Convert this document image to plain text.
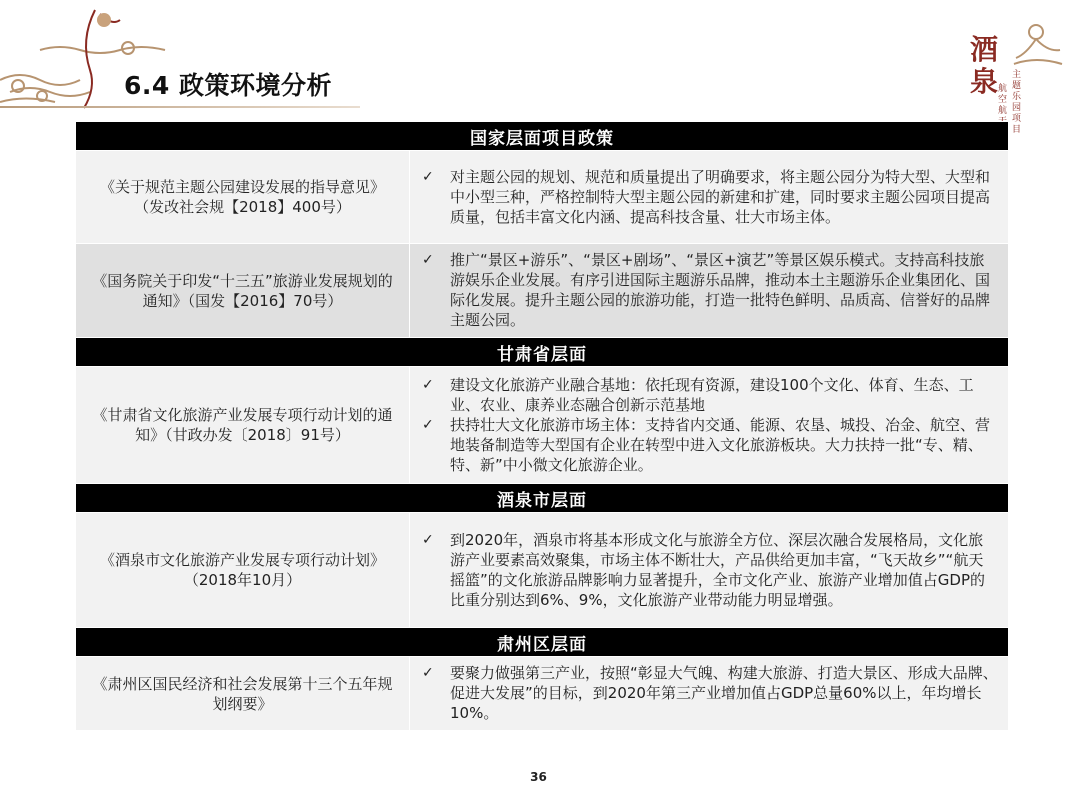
6.4 政策环境分析
酒泉	主题乐园项目
航空航
国家层面项目政策	
《关于规范主题公园建设发展的指导意见》（发改社会规【2018】400号）	✓ 对主题公园的规划、规范和质量提出了明确要求，将主题公园分为特大型、大型和中小型三种，严格控制特大型主题公园的新建和扩建，同时要求主题公园项目提高质量，包括丰富文化内涵、提高科技含量、壮大市场主体。

《国务院关于印发“十三五”旅游业发展规划的通知》（国发【2016】70号）	✓ 推广“景区+游乐”、“景区+剧场”、“景区+演艺”等景区娱乐模式。支持高科技旅游娱乐企业发展。有序引进国际主题游乐品牌，推动本土主题游乐企业集团化、国际化发展。提升主题公园的旅游功能，打造一批特色鲜明、品质高、信誉好的品牌主题公园。

甘肃省层面	
《甘肃省文化旅游产业发展专项行动计划的通知》（甘政办发〔2018〕91号）	✓ 建设文化旅游产业融合基地：依托现有资源，建设100个文化、体育、生态、工业、农业、康养业态融合创新示范基地
✓ 扶持壮大文化旅游市场主体：支持省内交通、能源、农垦、城投、冶金、航空、营地装备制造等大型国有企业在转型中进入文化旅游板块。大力扶持一批“专、精、特、新”中小微文化旅游企业。

酒泉市层面	
《酒泉市文化旅游产业发展专项行动计划》（2018年10月）	✓ 到2020年，酒泉市将基本形成文化与旅游全方位、深层次融合发展格局，文化旅游产业要素高效聚集，市场主体不断壮大，产品供给更加丰富，“飞天故乡”“航天摇篮”的文化旅游品牌影响力显著提升，全市文化产业、旅游产业增加值占GDP的比重分别达到6%、9%，文化旅游产业带动能力明显增强。

肃州区层面	
《肃州区国民经济和社会发展第十三个五年规划纲要》	✓ 要聚力做强第三产业，按照“彰显大气魄、构建大旅游、打造大景区、形成大品牌、促进大发展”的目标，到2020年第三产业增加值占GDP总量60%以上，年均增长10%。
36
